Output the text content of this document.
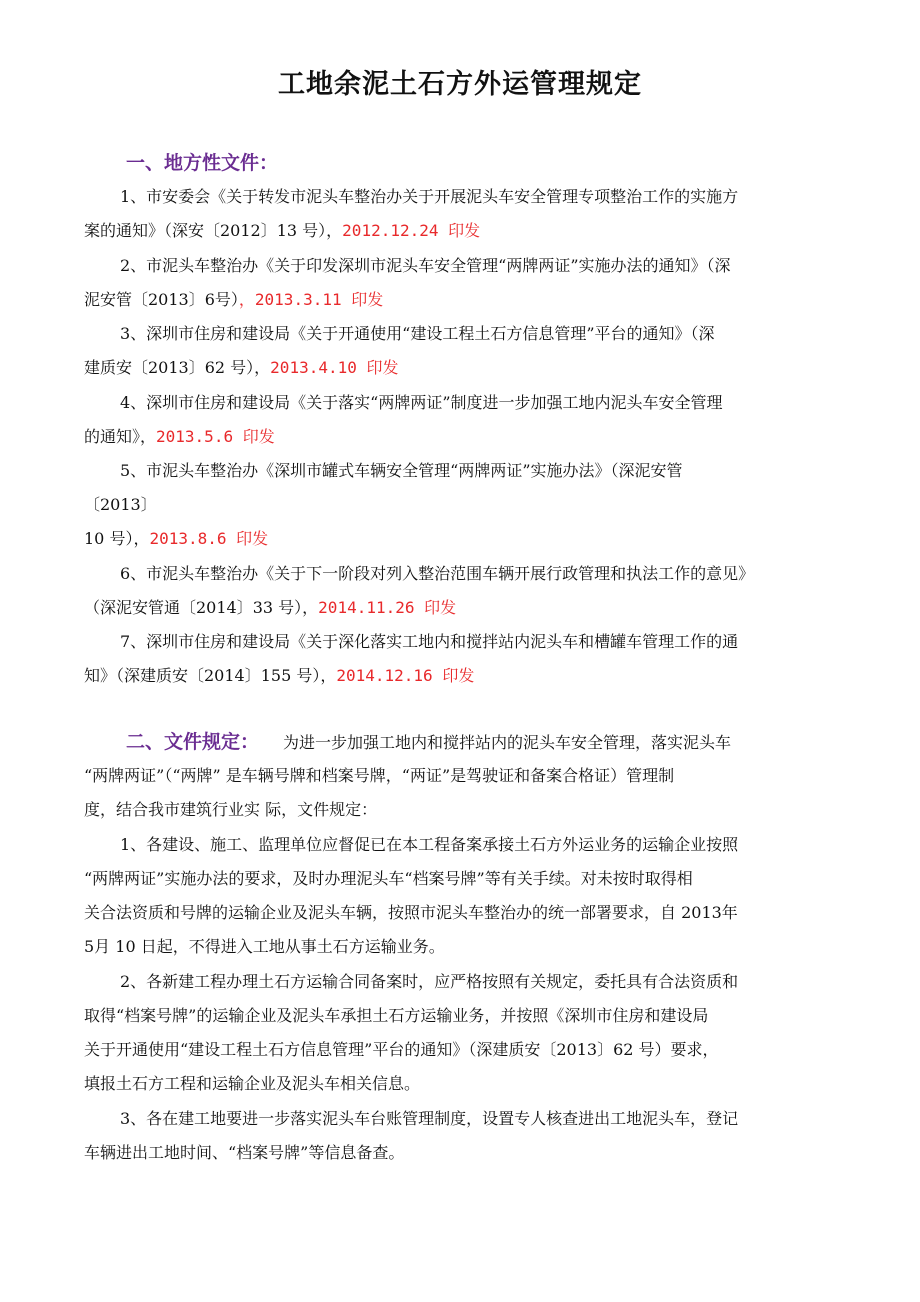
工地余泥土石方外运管理规定
一、地方性文件：
1、市安委会《关于转发市泥头车整治办关于开展泥头车安全管理专项整治工作的实施方
案的通知》（深安〔2012〕13 号），2012.12.24 印发
2、市泥头车整治办《关于印发深圳市泥头车安全管理“两牌两证”实施办法的通知》（深
泥安管〔2013〕6号），2013.3.11 印发
3、深圳市住房和建设局《关于开通使用“建设工程土石方信息管理”平台的通知》（深
建质安〔2013〕62 号），2013.4.10 印发
4、深圳市住房和建设局《关于落实“两牌两证”制度进一步加强工地内泥头车安全管理
的通知》，2013.5.6 印发
5、市泥头车整治办《深圳市罐式车辆安全管理“两牌两证”实施办法》（深泥安管
〔2013〕
10 号），2013.8.6 印发
6、市泥头车整治办《关于下一阶段对列入整治范围车辆开展行政管理和执法工作的意见》
（深泥安管通〔2014〕33 号），2014.11.26 印发
7、深圳市住房和建设局《关于深化落实工地内和搅拌站内泥头车和槽罐车管理工作的通
知》（深建质安〔2014〕155 号），2014.12.16 印发
二、文件规定： 为进一步加强工地内和搅拌站内的泥头车安全管理，落实泥头车
“两牌两证”（“两牌” 是车辆号牌和档案号牌，“两证”是驾驶证和备案合格证）管理制
度，结合我市建筑行业实 际，文件规定：
1、各建设、施工、监理单位应督促已在本工程备案承接土石方外运业务的运输企业按照
“两牌两证”实施办法的要求，及时办理泥头车“档案号牌”等有关手续。对未按时取得相
关合法资质和号牌的运输企业及泥头车辆，按照市泥头车整治办的统一部署要求，自 2013年
5月 10 日起，不得进入工地从事土石方运输业务。
2、各新建工程办理土石方运输合同备案时，应严格按照有关规定，委托具有合法资质和
取得“档案号牌”的运输企业及泥头车承担土石方运输业务，并按照《深圳市住房和建设局
关于开通使用“建设工程土石方信息管理”平台的通知》（深建质安〔2013〕62 号）要求，
填报土石方工程和运输企业及泥头车相关信息。
3、各在建工地要进一步落实泥头车台账管理制度，设置专人核查进出工地泥头车，登记
车辆进出工地时间、“档案号牌”等信息备查。
